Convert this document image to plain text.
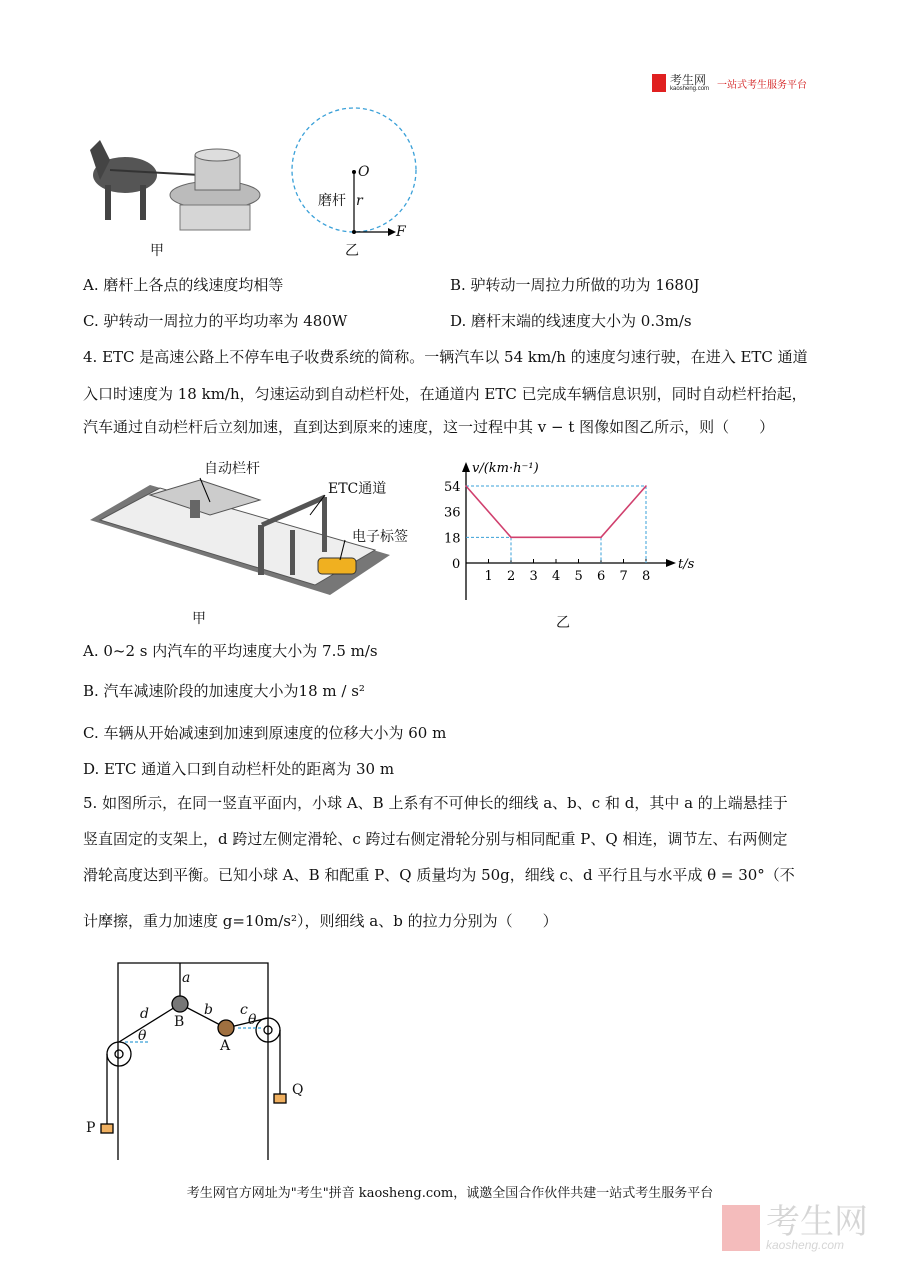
考生网
kaosheng.com 一站式考生服务平台
v/(km·h⁻¹)
t/s
1 2 3 4 5 6 7 8
54
36
18
0
甲	乙
O
磨杆 r
F
A. 磨杆上各点的线速度均相等	B. 驴转动一周拉力所做的功为 1680J
C. 驴转动一周拉力的平均功率为 480W	D. 磨杆末端的线速度大小为 0.3m/s
4. ETC 是高速公路上不停车电子收费系统的简称。一辆汽车以 54 km/h 的速度匀速行驶，在进入 ETC 通道
入口时速度为 18 km/h，匀速运动到自动栏杆处，在通道内 ETC 已完成车辆信息识别，同时自动栏杆抬起，
汽车通过自动栏杆后立刻加速，直到达到原来的速度，这一过程中其 v − t 图像如图乙所示，则（　　）
自动栏杆
ETC通道
电子标签
甲	乙
A. 0~2 s 内汽车的平均速度大小为 7.5 m/s
B. 汽车减速阶段的加速度大小为18 m / s²
C. 车辆从开始减速到加速到原速度的位移大小为 60 m
D. ETC 通道入口到自动栏杆处的距离为 30 m
5. 如图所示，在同一竖直平面内，小球 A、B 上系有不可伸长的细线 a、b、c 和 d，其中 a 的上端悬挂于
竖直固定的支架上，d 跨过左侧定滑轮、c 跨过右侧定滑轮分别与相同配重 P、Q 相连，调节左、右两侧定
滑轮高度达到平衡。已知小球 A、B 和配重 P、Q 质量均为 50g，细线 c、d 平行且与水平成 θ = 30°（不
计摩擦，重力加速度 g=10m/s²），则细线 a、b 的拉力分别为（　　）
a
d	b c
B
A
θ
θ
P
Q
考生网官方网址为"考生"拼音 kaosheng.com，诚邀全国合作伙伴共建一站式考生服务平台
考生网
kaosheng.com
